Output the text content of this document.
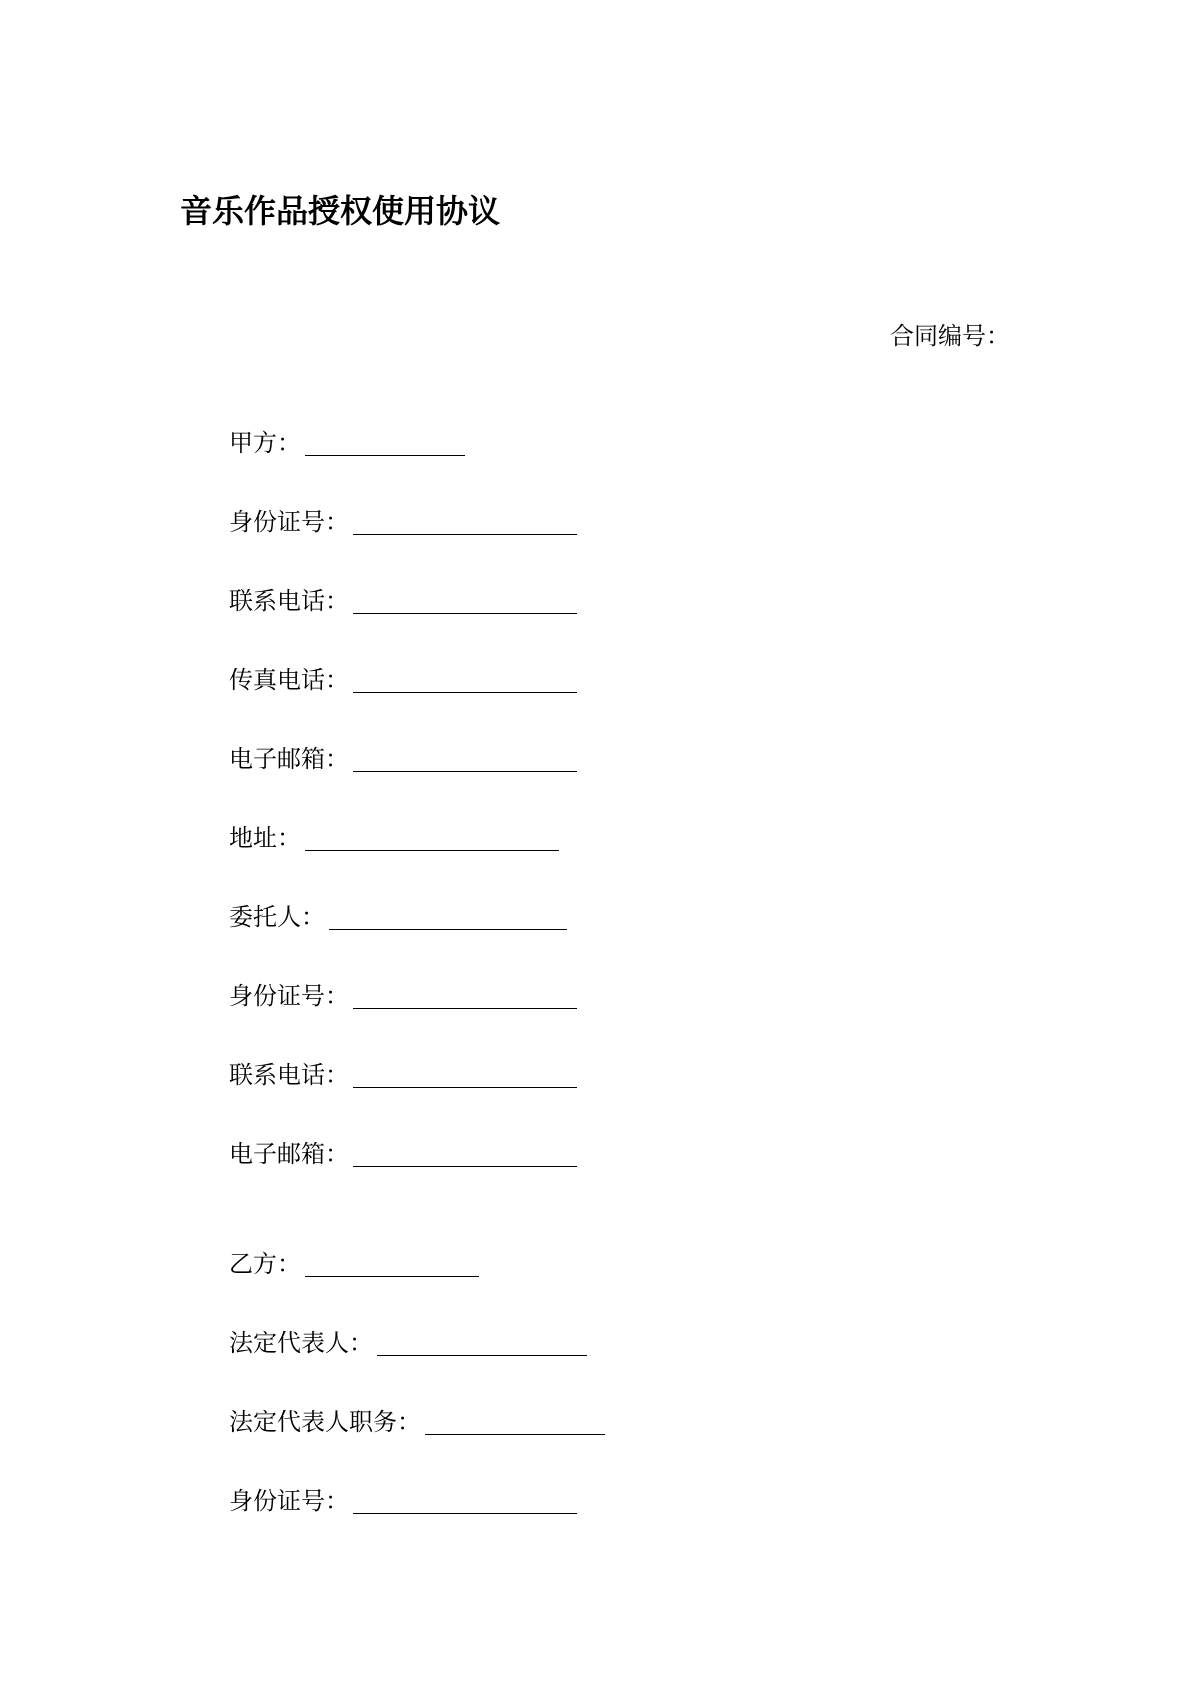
音乐作品授权使用协议
合同编号：
甲方：
身份证号：
联系电话：
传真电话：
电子邮箱：
地址：
委托人：
身份证号：
联系电话：
电子邮箱：
乙方：
法定代表人：
法定代表人职务：
身份证号：
